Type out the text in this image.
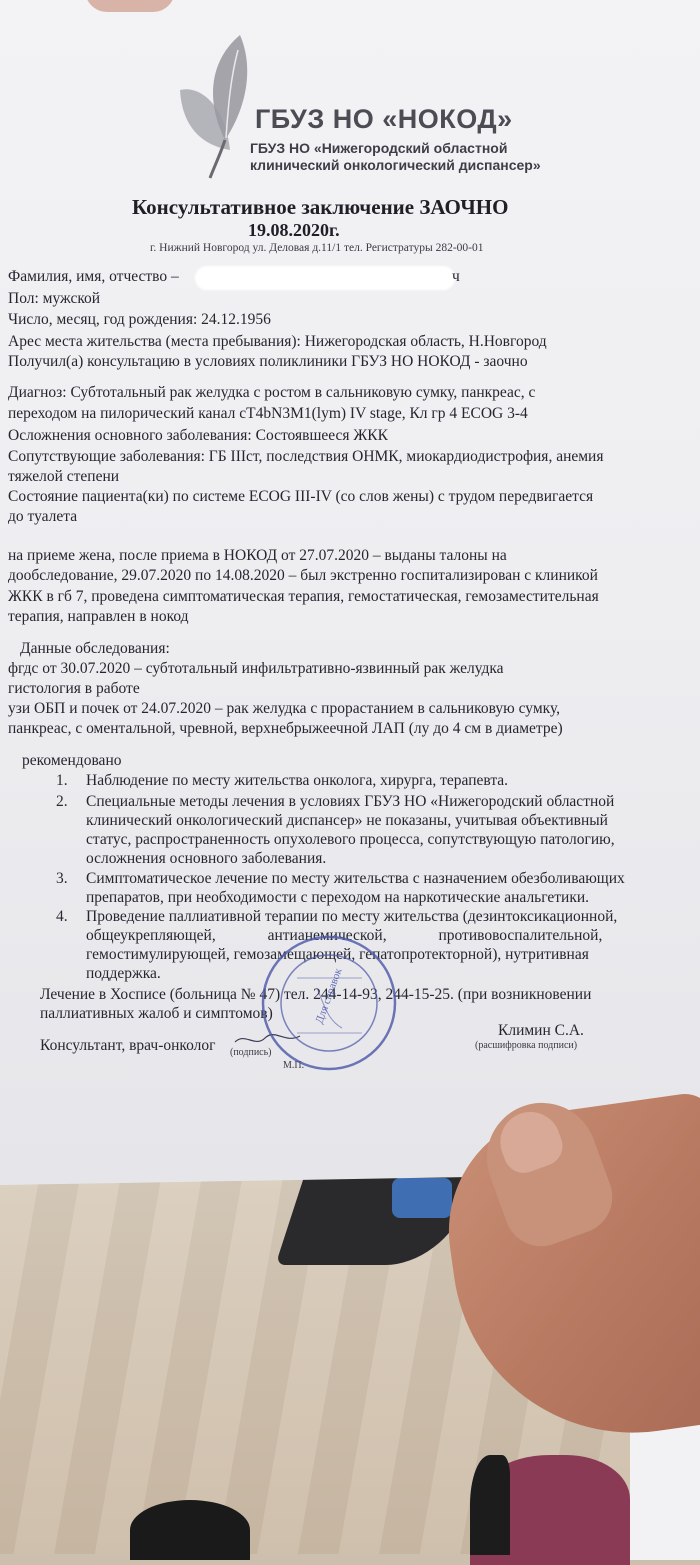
ГБУЗ НО «НОКОД»
ГБУЗ НО «Нижегородский областной
клинический онкологический диспансер»
Консультативное заключение ЗАОЧНО
19.08.2020г.
г. Нижний Новгород ул. Деловая д.11/1 тел. Регистратуры 282-00-01
Фамилия, имя, отчество –	ч
Пол: мужской
Число, месяц, год рождения: 24.12.1956
Арес места жительства (места пребывания): Нижегородская область, Н.Новгород
Получил(а) консультацию в условиях поликлиники ГБУЗ НО НОКОД - заочно
Диагноз: Субтотальный рак желудка с ростом в сальниковую сумку, панкреас, с
переходом на пилорический канал cT4bN3M1(lym) IV stage, Кл гр 4 ECOG 3-4
Осложнения основного заболевания: Состоявшееся ЖКК
Сопутствующие заболевания: ГБ IIIст, последствия ОНМК, миокардиодистрофия, анемия
тяжелой степени
Состояние пациента(ки) по системе ECOG III-IV (со слов жены) с трудом передвигается
до туалета
на приеме жена, после приема в НОКОД от 27.07.2020 – выданы талоны на
дообследование, 29.07.2020 по 14.08.2020 – был экстренно госпитализирован с клиникой
ЖКК в гб 7, проведена симптоматическая терапия, гемостатическая, гемозаместительная
терапия, направлен в нокод
Данные обследования:
фгдс от 30.07.2020 – субтотальный инфильтративно-язвинный рак желудка
гистология в работе
узи ОБП и почек от 24.07.2020 – рак желудка с прорастанием в сальниковую сумку,
панкреас, с оментальной, чревной, верхнебрыжеечной ЛАП (лу до 4 см в диаметре)
рекомендовано
1. Наблюдение по месту жительства онколога, хирурга, терапевта.
2. Специальные методы лечения в условиях ГБУЗ НО «Нижегородский областной
клинический онкологический диспансер» не показаны, учитывая объективный
статус, распространенность опухолевого процесса, сопутствующую патологию,
осложнения основного заболевания.
3. Симптоматическое лечение по месту жительства с назначением обезболивающих
препаратов, при необходимости с переходом на наркотические анальгетики.
4. Проведение паллиативной терапии по месту жительства (дезинтоксикационной,
общеукрепляющей, антианемической, противовоспалительной,
гемостимулирующей, гемозамещающей, гепатопротекторной), нутритивная
поддержка.
Лечение в Хосписе (больница № 47) тел. 244-14-93, 244-15-25. (при возникновении
паллиативных жалоб и симптомов)
Консультант, врач-онколог (подпись)
М.П.
Климин С.А.
(расшифровка подписи)
Для справок
